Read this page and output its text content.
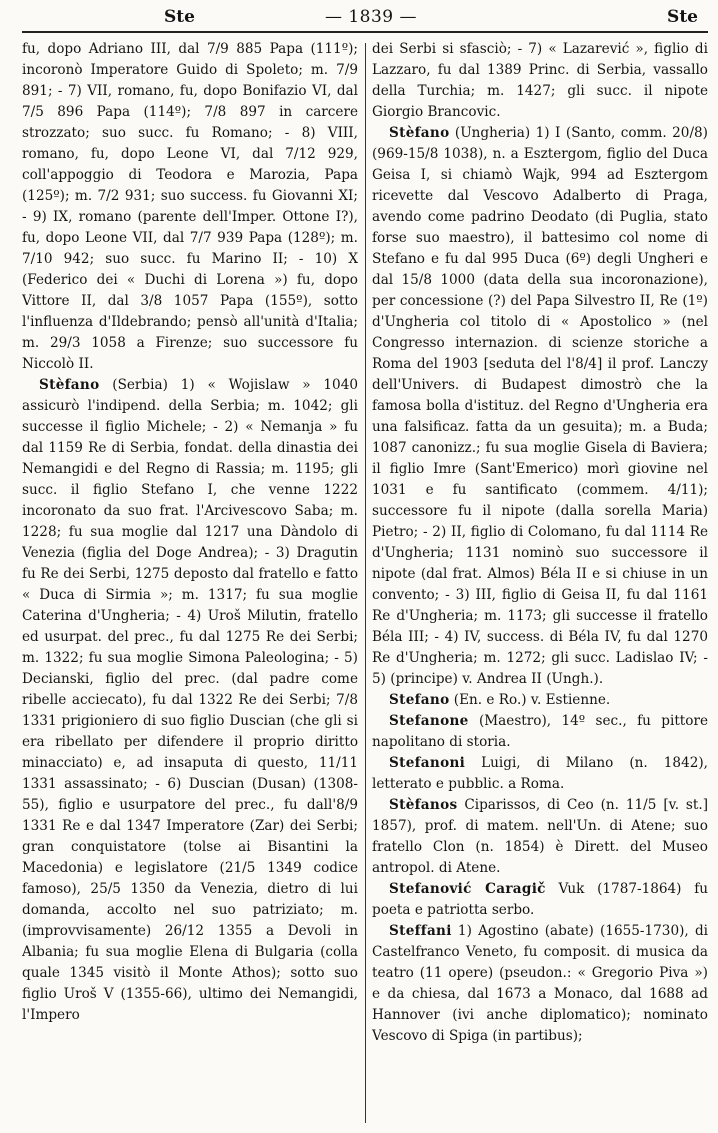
Ste	— 1839 —	Ste

fu, dopo Adriano III, dal 7/9 885 Papa (111º); incoronò Imperatore Guido di Spoleto; m. 7/9 891; - 7) VII, romano, fu, dopo Bonifazio VI, dal 7/5 896 Papa (114º); 7/8 897 in carcere strozzato; suo succ. fu Romano; - 8) VIII, romano, fu, dopo Leone VI, dal 7/12 929, coll'appoggio di Teodora e Marozia, Papa (125º); m. 7/2 931; suo success. fu Giovanni XI; - 9) IX, romano (parente dell'Imper. Ottone I?), fu, dopo Leone VII, dal 7/7 939 Papa (128º); m. 7/10 942; suo succ. fu Marino II; - 10) X (Federico dei « Duchi di Lorena ») fu, dopo Vittore II, dal 3/8 1057 Papa (155º), sotto l'influenza d'Ildebrando; pensò all'unità d'Italia; m. 29/3 1058 a Firenze; suo successore fu Niccolò II.

Stèfano (Serbia) 1) « Wojislaw » 1040 assicurò l'indipend. della Serbia; m. 1042; gli successe il figlio Michele; - 2) « Nemanja » fu dal 1159 Re di Serbia, fondat. della dinastia dei Nemangidi e del Regno di Rassia; m. 1195; gli succ. il figlio Stefano I, che venne 1222 incoronato da suo frat. l'Arcivescovo Saba; m. 1228; fu sua moglie dal 1217 una Dàndolo di Venezia (figlia del Doge Andrea); - 3) Dragutin fu Re dei Serbi, 1275 deposto dal fratello e fatto « Duca di Sirmia »; m. 1317; fu sua moglie Caterina d'Ungheria; - 4) Uroš Milutin, fratello ed usurpat. del prec., fu dal 1275 Re dei Serbi; m. 1322; fu sua moglie Simona Paleologina; - 5) Decianski, figlio del prec. (dal padre come ribelle acciecato), fu dal 1322 Re dei Serbi; 7/8 1331 prigioniero di suo figlio Duscian (che gli si era ribellato per difendere il proprio diritto minacciato) e, ad insaputa di questo, 11/11 1331 assassinato; - 6) Duscian (Dusan) (1308-55), figlio e usurpatore del prec., fu dall'8/9 1331 Re e dal 1347 Imperatore (Zar) dei Serbi; gran conquistatore (tolse ai Bisantini la Macedonia) e legislatore (21/5 1349 codice famoso), 25/5 1350 da Venezia, dietro di lui domanda, accolto nel suo patriziato; m. (improvvisamente) 26/12 1355 a Devoli in Albania; fu sua moglie Elena di Bulgaria (colla quale 1345 visitò il Monte Athos); sotto suo figlio Uroš V (1355-66), ultimo dei Nemangidi, l'Impero

dei Serbi si sfasciò; - 7) « Lazarević », figlio di Lazzaro, fu dal 1389 Princ. di Serbia, vassallo della Turchia; m. 1427; gli succ. il nipote Giorgio Brancovic.

Stèfano (Ungheria) 1) I (Santo, comm. 20/8) (969-15/8 1038), n. a Esztergom, figlio del Duca Geisa I, si chiamò Wajk, 994 ad Esztergom ricevette dal Vescovo Adalberto di Praga, avendo come padrino Deodato (di Puglia, stato forse suo maestro), il battesimo col nome di Stefano e fu dal 995 Duca (6º) degli Ungheri e dal 15/8 1000 (data della sua incoronazione), per concessione (?) del Papa Silvestro II, Re (1º) d'Ungheria col titolo di « Apostolico » (nel Congresso internazion. di scienze storiche a Roma del 1903 [seduta del l'8/4] il prof. Lanczy dell'Univers. di Budapest dimostrò che la famosa bolla d'istituz. del Regno d'Ungheria era una falsificaz. fatta da un gesuita); m. a Buda; 1087 canonizz.; fu sua moglie Gisela di Baviera; il figlio Imre (Sant'Emerico) morì giovine nel 1031 e fu santificato (commem. 4/11); successore fu il nipote (dalla sorella Maria) Pietro; - 2) II, figlio di Colomano, fu dal 1114 Re d'Ungheria; 1131 nominò suo successore il nipote (dal frat. Almos) Béla II e si chiuse in un convento; - 3) III, figlio di Geisa II, fu dal 1161 Re d'Ungheria; m. 1173; gli successe il fratello Béla III; - 4) IV, success. di Béla IV, fu dal 1270 Re d'Ungheria; m. 1272; gli succ. Ladislao IV; - 5) (principe) v. Andrea II (Ungh.).

Stefano (En. e Ro.) v. Estienne.

Stefanone (Maestro), 14º sec., fu pittore napolitano di storia.

Stefanoni Luigi, di Milano (n. 1842), letterato e pubblic. a Roma.

Stèfanos Ciparissos, di Ceo (n. 11/5 [v. st.] 1857), prof. di matem. nell'Un. di Atene; suo fratello Clon (n. 1854) è Dirett. del Museo antropol. di Atene.

Stefanović Caragič Vuk (1787-1864) fu poeta e patriotta serbo.

Steffani 1) Agostino (abate) (1655-1730), di Castelfranco Veneto, fu composit. di musica da teatro (11 opere) (pseudon.: « Gregorio Piva ») e da chiesa, dal 1673 a Monaco, dal 1688 ad Hannover (ivi anche diplomatico); nominato Vescovo di Spiga (in partibus);
